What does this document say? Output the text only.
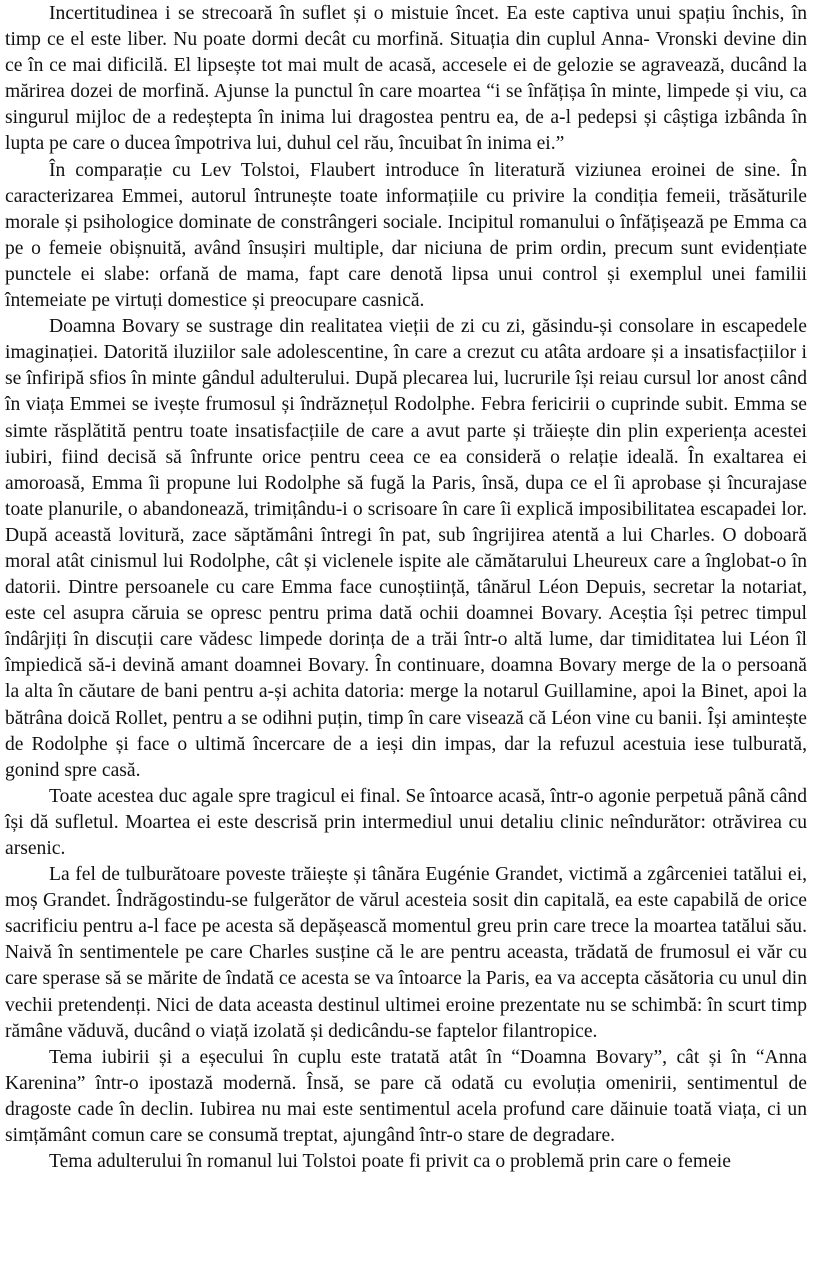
Incertitudinea i se strecoară în suflet și o mistuie încet. Ea este captiva unui spațiu închis, în timp ce el este liber. Nu poate dormi decât cu morfină. Situația din cuplul Anna- Vronski devine din ce în ce mai dificilă. El lipsește tot mai mult de acasă, accesele ei de gelozie se agravează, ducând la mărirea dozei de morfină. Ajunse la punctul în care moartea “i se înfățișa în minte, limpede și viu, ca singurul mijloc de a redeștepta în inima lui dragostea pentru ea, de a-l pedepsi și câștiga izbânda în lupta pe care o ducea împotriva lui, duhul cel rău, încuibat în inima ei.”

În comparație cu Lev Tolstoi, Flaubert introduce în literatură viziunea eroinei de sine. În caracterizarea Emmei, autorul întrunește toate informațiile cu privire la condiția femeii, trăsăturile morale și psihologice dominate de constrângeri sociale. Incipitul romanului o înfățișează pe Emma ca pe o femeie obișnuită, având însușiri multiple, dar niciuna de prim ordin, precum sunt evidențiate punctele ei slabe: orfană de mama, fapt care denotă lipsa unui control și exemplul unei familii întemeiate pe virtuți domestice și preocupare casnică.

Doamna Bovary se sustrage din realitatea vieții de zi cu zi, găsindu-și consolare in escapedele imaginației. Datorită iluziilor sale adolescentine, în care a crezut cu atâta ardoare și a insatisfacțiilor i se înfiripă sfios în minte gândul adulterului. După plecarea lui, lucrurile își reiau cursul lor anost când în viața Emmei se ivește frumosul și îndrăznețul Rodolphe. Febra fericirii o cuprinde subit. Emma se simte răsplătită pentru toate insatisfacțiile de care a avut parte și trăiește din plin experiența acestei iubiri, fiind decisă să înfrunte orice pentru ceea ce ea consideră o relație ideală. În exaltarea ei amoroasă, Emma îi propune lui Rodolphe să fugă la Paris, însă, dupa ce el îi aprobase și încurajase toate planurile, o abandonează, trimițându-i o scrisoare în care îi explică imposibilitatea escapadei lor. După această lovitură, zace săptămâni întregi în pat, sub îngrijirea atentă a lui Charles. O doboară moral atât cinismul lui Rodolphe, cât și viclenele ispite ale cămătarului Lheureux care a înglobat-o în datorii. Dintre persoanele cu care Emma face cunoștiință, tânărul Léon Depuis, secretar la notariat, este cel asupra căruia se opresc pentru prima dată ochii doamnei Bovary. Aceștia își petrec timpul îndârjiți în discuții care vădesc limpede dorința de a trăi într-o altă lume, dar timiditatea lui Léon îl împiedică să-i devină amant doamnei Bovary. În continuare, doamna Bovary merge de la o persoană la alta în căutare de bani pentru a-și achita datoria: merge la notarul Guillamine, apoi la Binet, apoi la bătrâna doică Rollet, pentru a se odihni puțin, timp în care visează că Léon vine cu banii. Își amintește de Rodolphe și face o ultimă încercare de a ieși din impas, dar la refuzul acestuia iese tulburată, gonind spre casă.

Toate acestea duc agale spre tragicul ei final. Se întoarce acasă, într-o agonie perpetuă până când își dă sufletul. Moartea ei este descrisă prin intermediul unui detaliu clinic neîndurător: otrăvirea cu arsenic.

La fel de tulburătoare poveste trăiește și tânăra Eugénie Grandet, victimă a zgârceniei tatălui ei, moș Grandet. Îndrăgostindu-se fulgerător de vărul acesteia sosit din capitală, ea este capabilă de orice sacrificiu pentru a-l face pe acesta să depășească momentul greu prin care trece la moartea tatălui său. Naivă în sentimentele pe care Charles susține că le are pentru aceasta, trădată de frumosul ei văr cu care sperase să se mărite de îndată ce acesta se va întoarce la Paris, ea va accepta căsătoria cu unul din vechii pretendenți. Nici de data aceasta destinul ultimei eroine prezentate nu se schimbă: în scurt timp rămâne văduvă, ducând o viață izolată și dedicându-se faptelor filantropice.

Tema iubirii și a eșecului în cuplu este tratată atât în “Doamna Bovary”, cât și în “Anna Karenina” într-o ipostază modernă. Însă, se pare că odată cu evoluția omenirii, sentimentul de dragoste cade în declin. Iubirea nu mai este sentimentul acela profund care dăinuie toată viața, ci un simțământ comun care se consumă treptat, ajungând într-o stare de degradare.

Tema adulterului în romanul lui Tolstoi poate fi privit ca o problemă prin care o femeie
